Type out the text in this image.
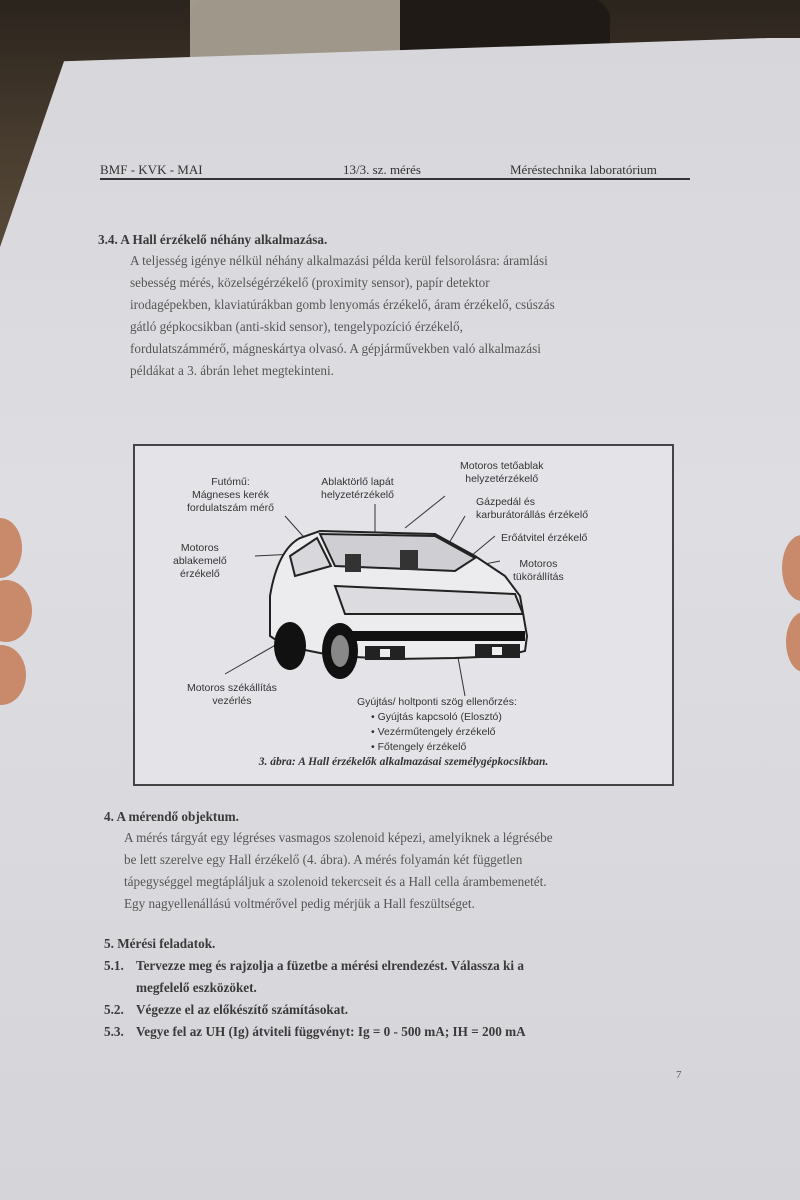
BMF - KVK - MAI	13/3. sz. mérés	Méréstechnika laboratórium
3.4. A Hall érzékelő néhány alkalmazása.
A teljesség igénye nélkül néhány alkalmazási példa kerül felsorolásra: áramlási
sebesség mérés, közelségérzékelő (proximity sensor), papír detektor
irodagépekben, klaviatúrákban gomb lenyomás érzékelő, áram érzékelő, csúszás
gátló gépkocsikban (anti-skid sensor), tengelypozíció érzékelő,
fordulatszámmérő, mágneskártya olvasó. A gépjárművekben való alkalmazási
példákat a 3. ábrán lehet megtekinteni.
Futómű:
Mágneses kerék
fordulatszám mérő
Ablaktörlő lapát
helyzetérzékelő
Motoros tetőablak
helyzetérzékelő
Gázpedál és
karburátorállás érzékelő
Erőátvitel érzékelő
Motoros
tükörállítás
Motoros
ablakemelő
érzékelő
Motoros székállítás
vezérlés	Gyújtás/ holtponti szög ellenőrzés:
• Gyújtás kapcsoló (Elosztó)
• Vezérműtengely érzékelő
• Főtengely érzékelő
3. ábra: A Hall érzékelők alkalmazásai személygépkocsikban.
4. A mérendő objektum.
A mérés tárgyát egy légréses vasmagos szolenoid képezi, amelyiknek a légrésébe
be lett szerelve egy Hall érzékelő (4. ábra). A mérés folyamán két független
tápegységgel megtápláljuk a szolenoid tekercseit és a Hall cella árambemenetét.
Egy nagyellenállású voltmérővel pedig mérjük a Hall feszültséget.
5. Mérési feladatok.
5.1. Tervezze meg és rajzolja a füzetbe a mérési elrendezést. Válassza ki a
megfelelő eszközöket.
5.2. Végezze el az előkészítő számításokat.
5.3. Vegye fel az UH (Ig) átviteli függvényt: Ig = 0 - 500 mA; IH = 200 mA
7
